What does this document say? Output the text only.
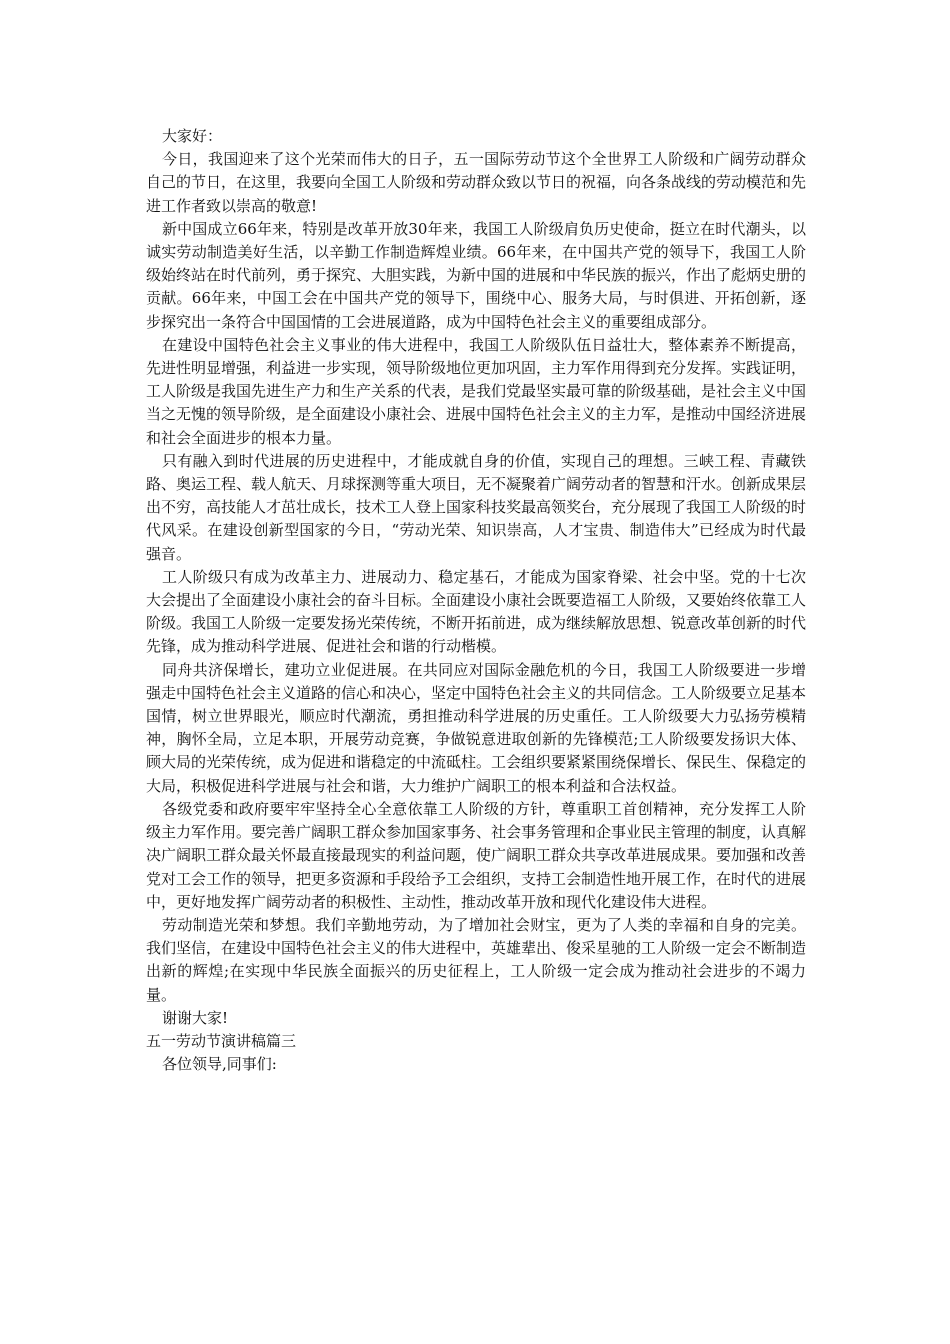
大家好：

今日，我国迎来了这个光荣而伟大的日子，五一国际劳动节这个全世界工人阶级和广阔劳动群众自己的节日，在这里，我要向全国工人阶级和劳动群众致以节日的祝福，向各条战线的劳动模范和先进工作者致以崇高的敬意!

新中国成立66年来，特别是改革开放30年来，我国工人阶级肩负历史使命，挺立在时代潮头，以诚实劳动制造美好生活，以辛勤工作制造辉煌业绩。66年来，在中国共产党的领导下，我国工人阶级始终站在时代前列，勇于探究、大胆实践，为新中国的进展和中华民族的振兴，作出了彪炳史册的贡献。66年来，中国工会在中国共产党的领导下，围绕中心、服务大局，与时俱进、开拓创新，逐步探究出一条符合中国国情的工会进展道路，成为中国特色社会主义的重要组成部分。

在建设中国特色社会主义事业的伟大进程中，我国工人阶级队伍日益壮大，整体素养不断提高，先进性明显增强，利益进一步实现，领导阶级地位更加巩固，主力军作用得到充分发挥。实践证明，工人阶级是我国先进生产力和生产关系的代表，是我们党最坚实最可靠的阶级基础，是社会主义中国当之无愧的领导阶级，是全面建设小康社会、进展中国特色社会主义的主力军，是推动中国经济进展和社会全面进步的根本力量。

只有融入到时代进展的历史进程中，才能成就自身的价值，实现自己的理想。三峡工程、青藏铁路、奥运工程、载人航天、月球探测等重大项目，无不凝聚着广阔劳动者的智慧和汗水。创新成果层出不穷，高技能人才茁壮成长，技术工人登上国家科技奖最高领奖台，充分展现了我国工人阶级的时代风采。在建设创新型国家的今日，“劳动光荣、知识崇高，人才宝贵、制造伟大”已经成为时代最强音。

工人阶级只有成为改革主力、进展动力、稳定基石，才能成为国家脊梁、社会中坚。党的十七次大会提出了全面建设小康社会的奋斗目标。全面建设小康社会既要造福工人阶级，又要始终依靠工人阶级。我国工人阶级一定要发扬光荣传统，不断开拓前进，成为继续解放思想、锐意改革创新的时代先锋，成为推动科学进展、促进社会和谐的行动楷模。

同舟共济保增长，建功立业促进展。在共同应对国际金融危机的今日，我国工人阶级要进一步增强走中国特色社会主义道路的信心和决心，坚定中国特色社会主义的共同信念。工人阶级要立足基本国情，树立世界眼光，顺应时代潮流，勇担推动科学进展的历史重任。工人阶级要大力弘扬劳模精神，胸怀全局，立足本职，开展劳动竞赛，争做锐意进取创新的先锋模范;工人阶级要发扬识大体、顾大局的光荣传统，成为促进和谐稳定的中流砥柱。工会组织要紧紧围绕保增长、保民生、保稳定的大局，积极促进科学进展与社会和谐，大力维护广阔职工的根本利益和合法权益。

各级党委和政府要牢牢坚持全心全意依靠工人阶级的方针，尊重职工首创精神，充分发挥工人阶级主力军作用。要完善广阔职工群众参加国家事务、社会事务管理和企事业民主管理的制度，认真解决广阔职工群众最关怀最直接最现实的利益问题，使广阔职工群众共享改革进展成果。要加强和改善党对工会工作的领导，把更多资源和手段给予工会组织，支持工会制造性地开展工作，在时代的进展中，更好地发挥广阔劳动者的积极性、主动性，推动改革开放和现代化建设伟大进程。

劳动制造光荣和梦想。我们辛勤地劳动，为了增加社会财宝，更为了人类的幸福和自身的完美。我们坚信，在建设中国特色社会主义的伟大进程中，英雄辈出、俊采星驰的工人阶级一定会不断制造出新的辉煌;在实现中华民族全面振兴的历史征程上，工人阶级一定会成为推动社会进步的不竭力量。

谢谢大家!

五一劳动节演讲稿篇三

各位领导,同事们:
